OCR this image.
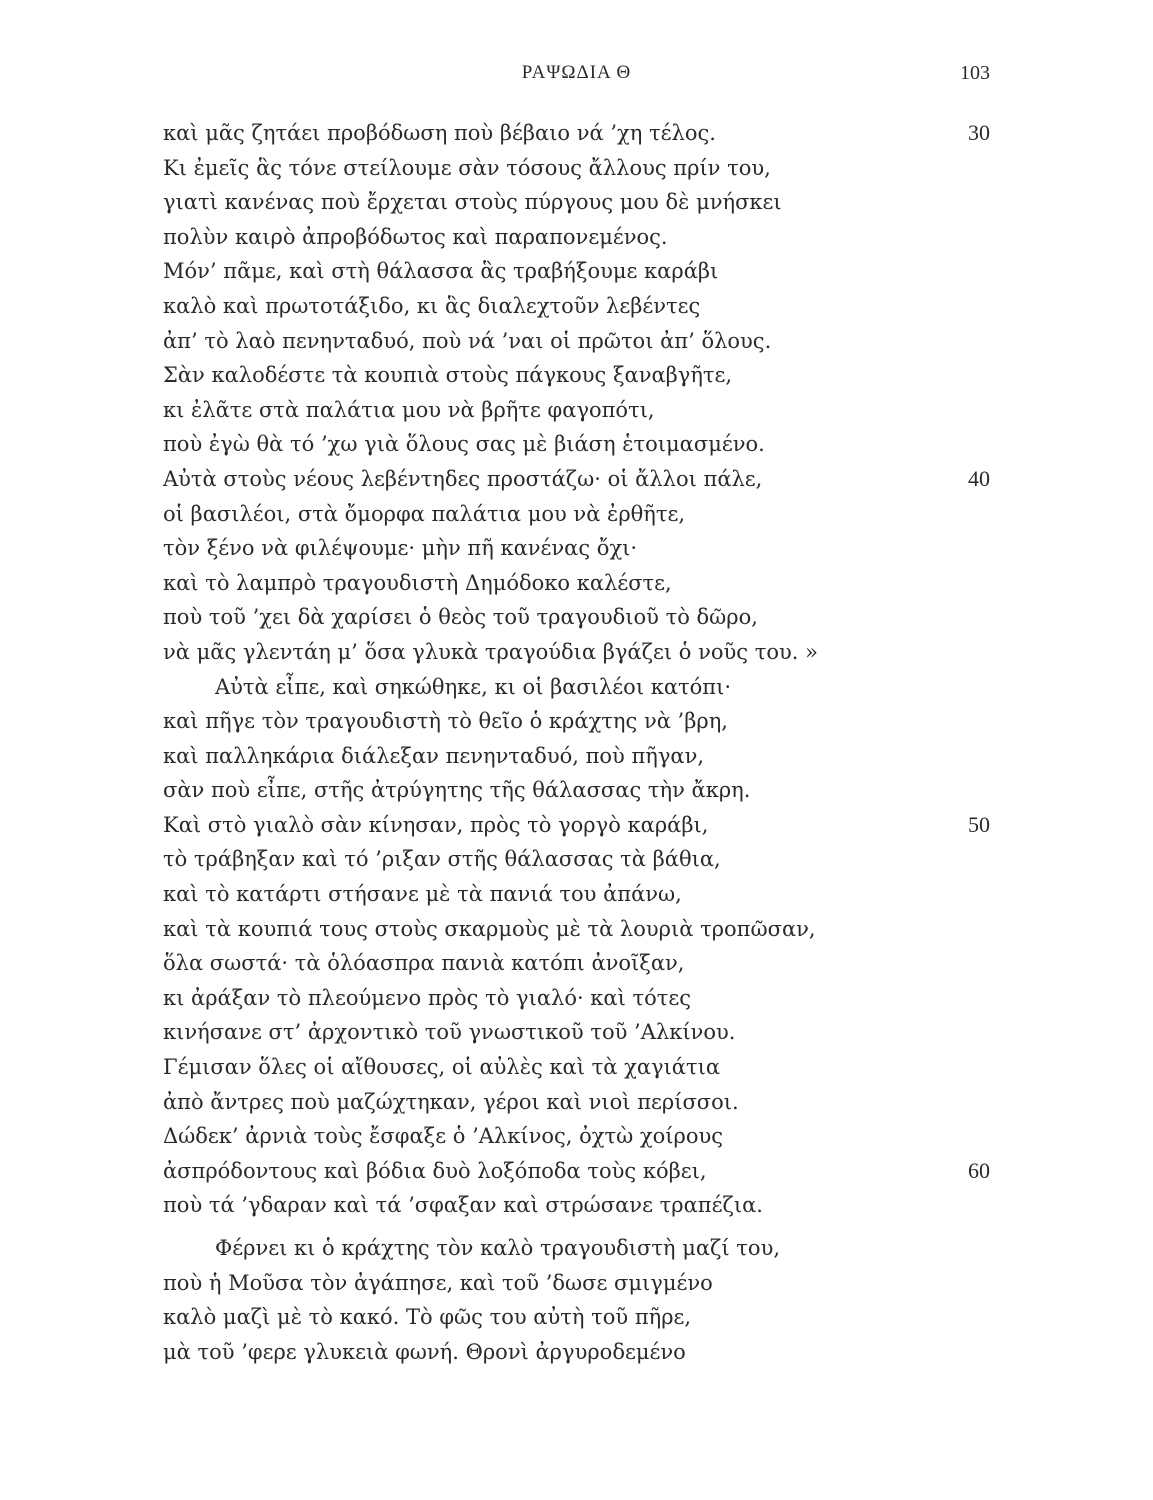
ΡΑΨΩΔΙΑ Θ	103
καὶ μᾶς ζητάει προβόδωση ποὺ βέβαιο νά ’χη τέλος.	30
Κι ἐμεῖς ἃς τόνε στείλουμε σὰν τόσους ἄλλους πρίν του,
γιατὶ κανένας ποὺ ἔρχεται στοὺς πύργους μου δὲ μνήσκει
πολὺν καιρὸ ἀπροβόδωτος καὶ παραπονεμένος.
Μόν’ πᾶμε, καὶ στὴ θάλασσα ἃς τραβήξουμε καράβι
καλὸ καὶ πρωτοτάξιδο, κι ἃς διαλεχτοῦν λεβέντες
ἀπ’ τὸ λαὸ πενηνταδυό, ποὺ νά ’ναι οἱ πρῶτοι ἀπ’ ὅλους.
Σὰν καλοδέστε τὰ κουπιὰ στοὺς πάγκους ξαναβγῆτε,
κι ἐλᾶτε στὰ παλάτια μου νὰ βρῆτε φαγοπότι,
ποὺ ἐγὼ θὰ τό ’χω γιὰ ὅλους σας μὲ βιάση ἑτοιμασμένο.
Αὐτὰ στοὺς νέους λεβέντηδες προστάζω· οἱ ἄλλοι πάλε,	40
οἱ βασιλέοι, στὰ ὄμορφα παλάτια μου νὰ ἐρθῆτε,
τὸν ξένο νὰ φιλέψουμε· μὴν πῆ κανένας ὄχι·
καὶ τὸ λαμπρὸ τραγουδιστὴ Δημόδοκο καλέστε,
ποὺ τοῦ ’χει δὰ χαρίσει ὁ θεὸς τοῦ τραγουδιοῦ τὸ δῶρο,
νὰ μᾶς γλεντάη μ’ ὅσα γλυκὰ τραγούδια βγάζει ὁ νοῦς του. »
Αὐτὰ εἶπε, καὶ σηκώθηκε, κι οἱ βασιλέοι κατόπι·
καὶ πῆγε τὸν τραγουδιστὴ τὸ θεῖο ὁ κράχτης νὰ ’βρη,
καὶ παλληκάρια διάλεξαν πενηνταδυό, ποὺ πῆγαν,
σὰν ποὺ εἶπε, στῆς ἀτρύγητης τῆς θάλασσας τὴν ἄκρη.
Καὶ στὸ γιαλὸ σὰν κίνησαν, πρὸς τὸ γοργὸ καράβι,	50
τὸ τράβηξαν καὶ τό ’ριξαν στῆς θάλασσας τὰ βάθια,
καὶ τὸ κατάρτι στήσανε μὲ τὰ πανιά του ἀπάνω,
καὶ τὰ κουπιά τους στοὺς σκαρμοὺς μὲ τὰ λουριὰ τροπῶσαν,
ὅλα σωστά· τὰ ὁλόασπρα πανιὰ κατόπι ἀνοῖξαν,
κι ἀράξαν τὸ πλεούμενο πρὸς τὸ γιαλό· καὶ τότες
κινήσανε στ’ ἀρχοντικὸ τοῦ γνωστικοῦ τοῦ ’Αλκίνου.
Γέμισαν ὅλες οἱ αἴθουσες, οἱ αὐλὲς καὶ τὰ χαγιάτια
ἀπὸ ἄντρες ποὺ μαζώχτηκαν, γέροι καὶ νιοὶ περίσσοι.
Δώδεκ’ ἀρνιὰ τοὺς ἔσφαξε ὁ ’Αλκίνος, ὀχτὼ χοίρους
ἀσπρόδοντους καὶ βόδια δυὸ λοξόποδα τοὺς κόβει,	60
ποὺ τά ’γδαραν καὶ τά ’σφαξαν καὶ στρώσανε τραπέζια.
Φέρνει κι ὁ κράχτης τὸν καλὸ τραγουδιστὴ μαζί του,
ποὺ ἡ Μοῦσα τὸν ἀγάπησε, καὶ τοῦ ’δωσε σμιγμένο
καλὸ μαζὶ μὲ τὸ κακό. Τὸ φῶς του αὐτὴ τοῦ πῆρε,
μὰ τοῦ ’φερε γλυκειὰ φωνή. Θρονὶ ἀργυροδεμένο
